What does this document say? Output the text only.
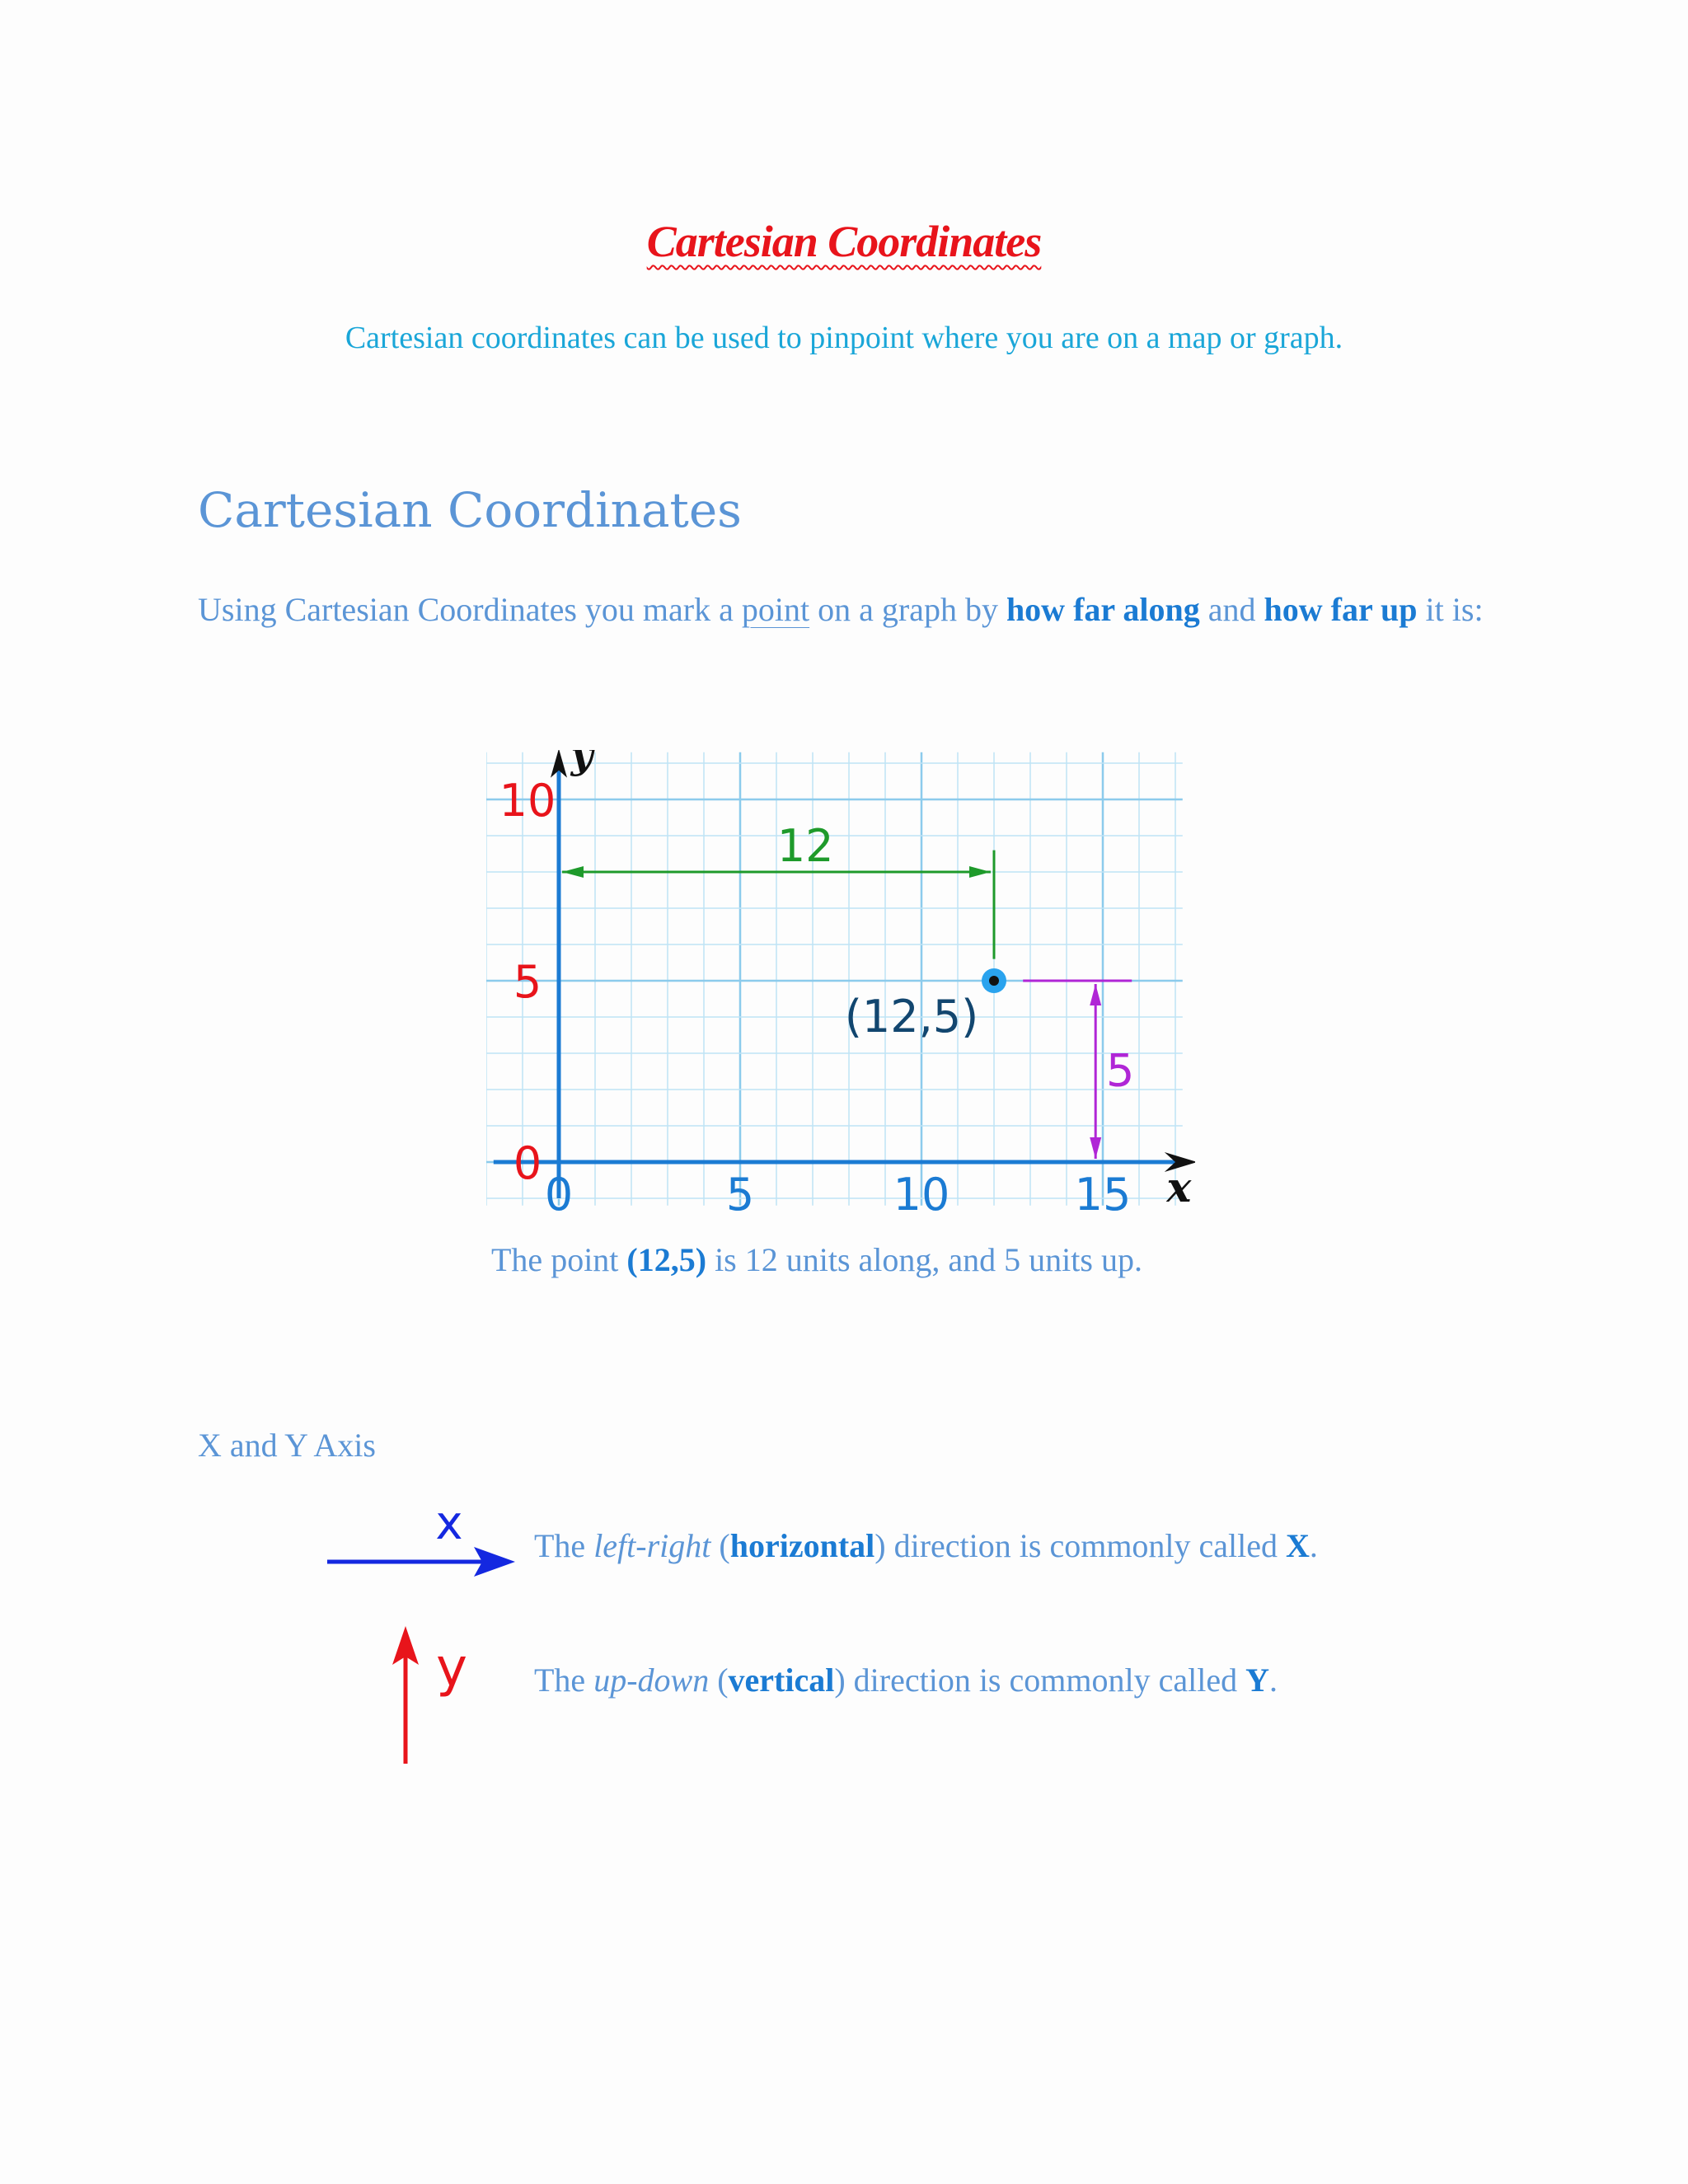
Cartesian Coordinates
Cartesian coordinates can be used to pinpoint where you are on a map or graph.
Cartesian Coordinates
Using Cartesian Coordinates you mark a point on a graph by how far along and how far up it is:
x
y
0	5	10	15
0
5
10
12
5
(12,5)
The point (12,5) is 12 units along, and 5 units up.
X and Y Axis
x The left-right (horizontal) direction is commonly called X.
y The up-down (vertical) direction is commonly called Y.
